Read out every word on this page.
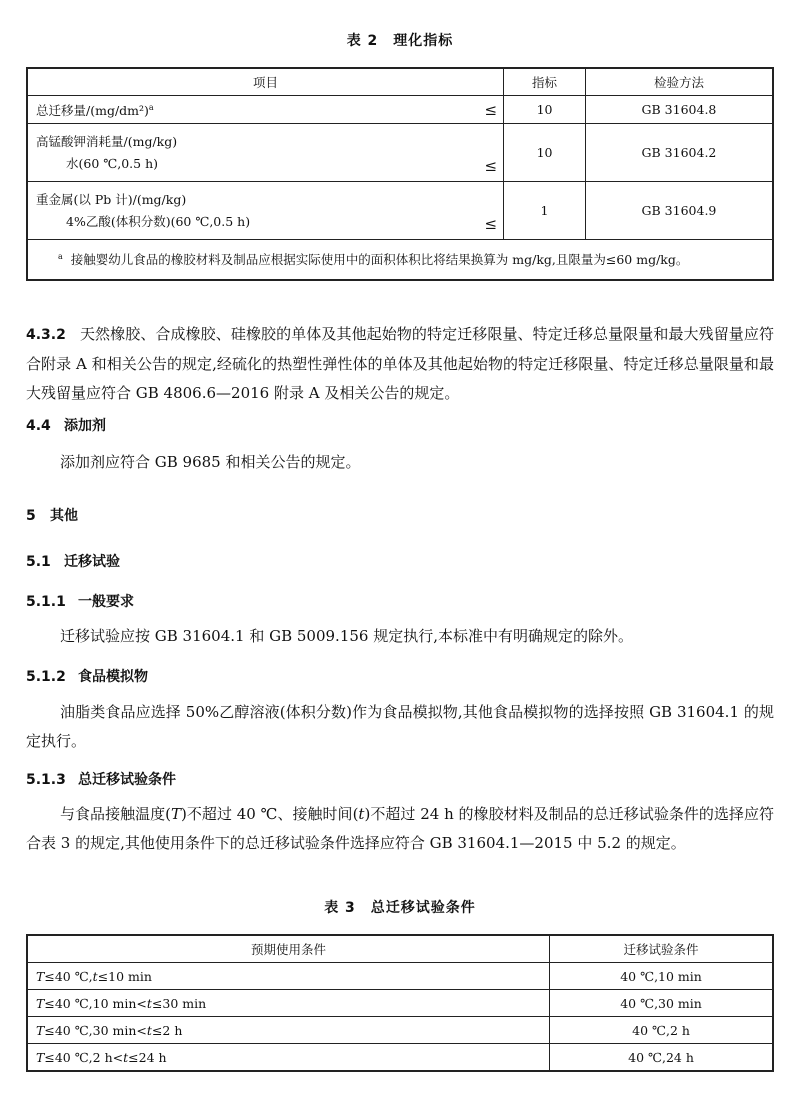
表 2　理化指标
项目	指标	检验方法
总迁移量$/(mg/dm^2)^a$ ≤	10	GB 31604.8

高锰酸钾消耗量/(mg/kg)
水(60 ℃,0.5 h) ≤	10	GB 31604.2

重金属(以 Pb 计)/(mg/kg)
4%乙酸(体积分数)(60 ℃,0.5 h) ≤	1	GB 31604.9
$^a$ 接触婴幼儿食品的橡胶材料及制品应根据实际使用中的面积体积比将结果换算为 mg/kg,且限量为≤60 mg/kg。		
4.3.2 天然橡胶、合成橡胶、硅橡胶的单体及其他起始物的特定迁移限量、特定迁移总量限量和最大残留量应符合附录 A 和相关公告的规定,经硫化的热塑性弹性体的单体及其他起始物的特定迁移限量、特定迁移总量限量和最大残留量应符合 GB 4806.6—2016 附录 A 及相关公告的规定。
4.4 添加剂
添加剂应符合 GB 9685 和相关公告的规定。
5 其他
5.1 迁移试验
5.1.1 一般要求
迁移试验应按 GB 31604.1 和 GB 5009.156 规定执行,本标准中有明确规定的除外。
5.1.2 食品模拟物
油脂类食品应选择 50%乙醇溶液(体积分数)作为食品模拟物,其他食品模拟物的选择按照 GB 31604.1 的规定执行。
5.1.3 总迁移试验条件
与食品接触温度(T)不超过 40 ℃、接触时间(t)不超过 24 h 的橡胶材料及制品的总迁移试验条件的选择应符合表 3 的规定,其他使用条件下的总迁移试验条件选择应符合 GB 31604.1—2015 中 5.2 的规定。
表 3　总迁移试验条件
预期使用条件	迁移试验条件
T≤40 ℃,t≤10 min	40 ℃,10 min
T≤40 ℃,10 min<t≤30 min	40 ℃,30 min
T≤40 ℃,30 min<t≤2 h	40 ℃,2 h
T≤40 ℃,2 h<t≤24 h	40 ℃,24 h
